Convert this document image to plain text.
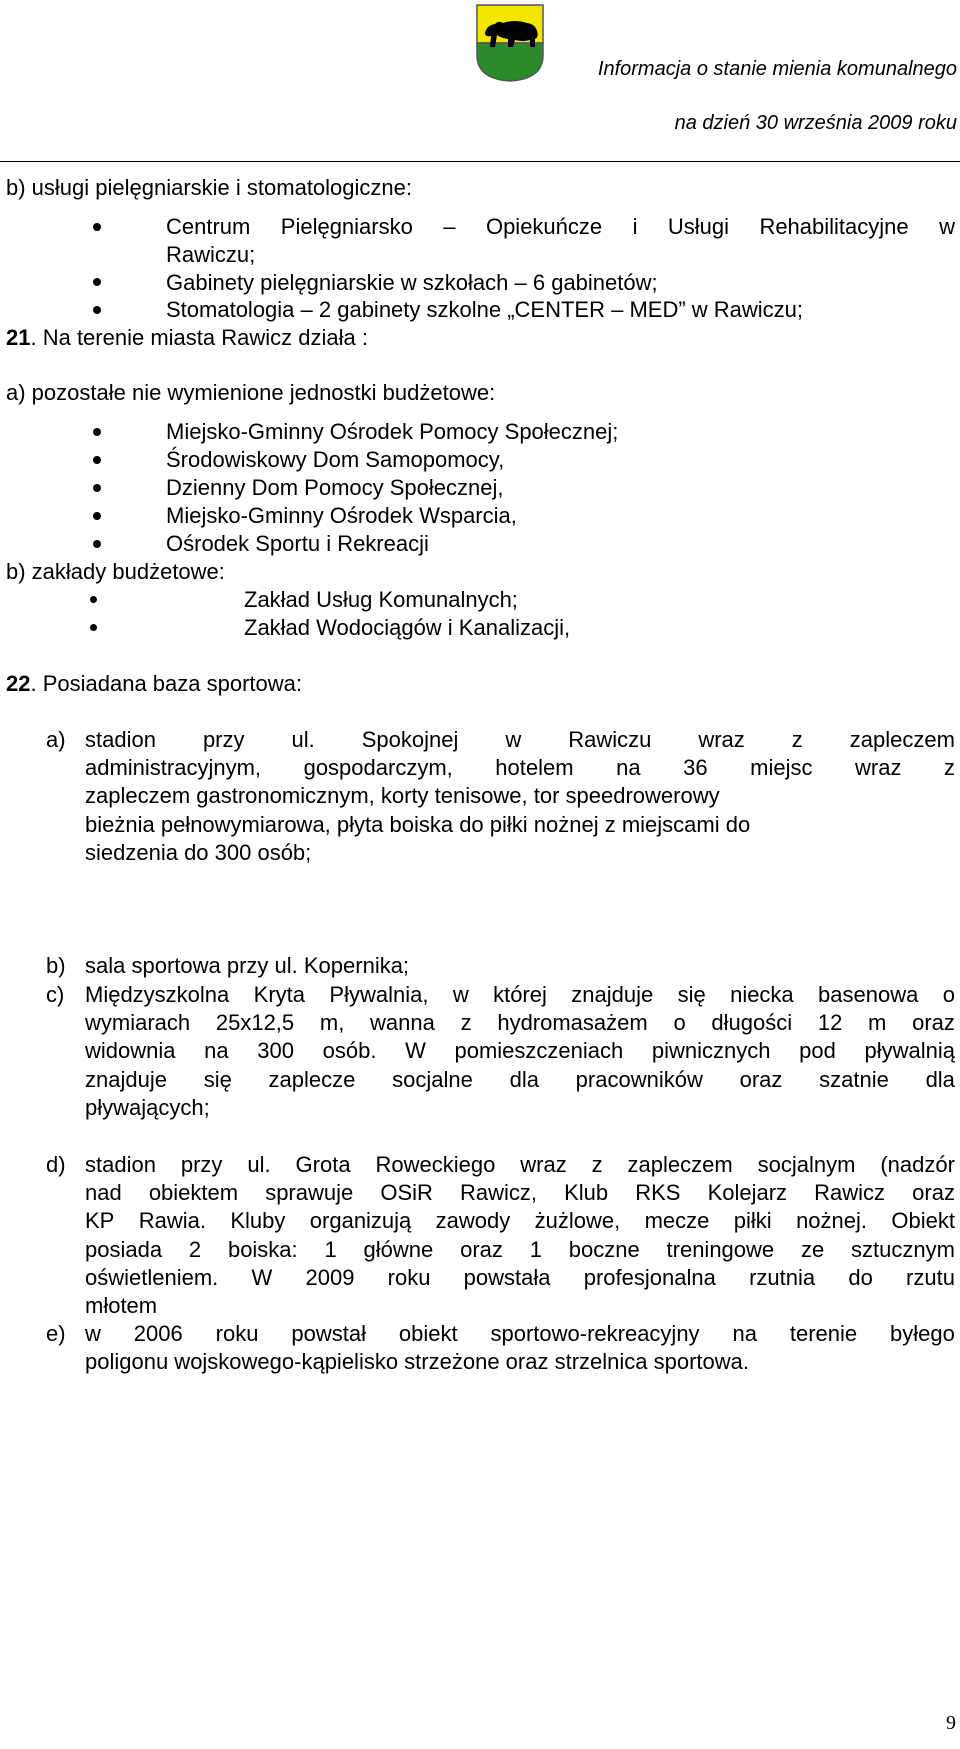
Informacja o stanie mienia komunalnego
na dzień 30 września 2009 roku
b) usługi pielęgniarskie i stomatologiczne:
Centrum Pielęgniarsko – Opiekuńcze i Usługi Rehabilitacyjne w
Rawiczu;
Gabinety pielęgniarskie w szkołach – 6 gabinetów;
Stomatologia – 2 gabinety szkolne „CENTER – MED” w Rawiczu;
21. Na terenie miasta Rawicz działa :
a) pozostałe nie wymienione jednostki budżetowe:
Miejsko-Gminny Ośrodek Pomocy Społecznej;
Środowiskowy Dom Samopomocy,
Dzienny Dom Pomocy Społecznej,
Miejsko-Gminny Ośrodek Wsparcia,
Ośrodek Sportu i Rekreacji
b) zakłady budżetowe:
Zakład Usług Komunalnych;
Zakład Wodociągów i Kanalizacji,
22. Posiadana baza sportowa:
a) stadion przy ul. Spokojnej w Rawiczu wraz z zapleczem
administracyjnym, gospodarczym, hotelem na 36 miejsc wraz z
zapleczem gastronomicznym, korty tenisowe, tor speedrowerowy
bieżnia pełnowymiarowa, płyta boiska do piłki nożnej z miejscami do
siedzenia do 300 osób;
b) sala sportowa przy ul. Kopernika;
c) Międzyszkolna Kryta Pływalnia, w której znajduje się niecka basenowa o
wymiarach 25x12,5 m, wanna z hydromasażem o długości 12 m oraz
widownia na 300 osób. W pomieszczeniach piwnicznych pod pływalnią
znajduje się zaplecze socjalne dla pracowników oraz szatnie dla
pływających;
d) stadion przy ul. Grota Roweckiego wraz z zapleczem socjalnym (nadzór
nad obiektem sprawuje OSiR Rawicz, Klub RKS Kolejarz Rawicz oraz
KP Rawia. Kluby organizują zawody żużlowe, mecze piłki nożnej. Obiekt
posiada 2 boiska: 1 główne oraz 1 boczne treningowe ze sztucznym
oświetleniem. W 2009 roku powstała profesjonalna rzutnia do rzutu
młotem
e) w 2006 roku powstał obiekt sportowo-rekreacyjny na terenie byłego
poligonu wojskowego-kąpielisko strzeżone oraz strzelnica sportowa.
9
